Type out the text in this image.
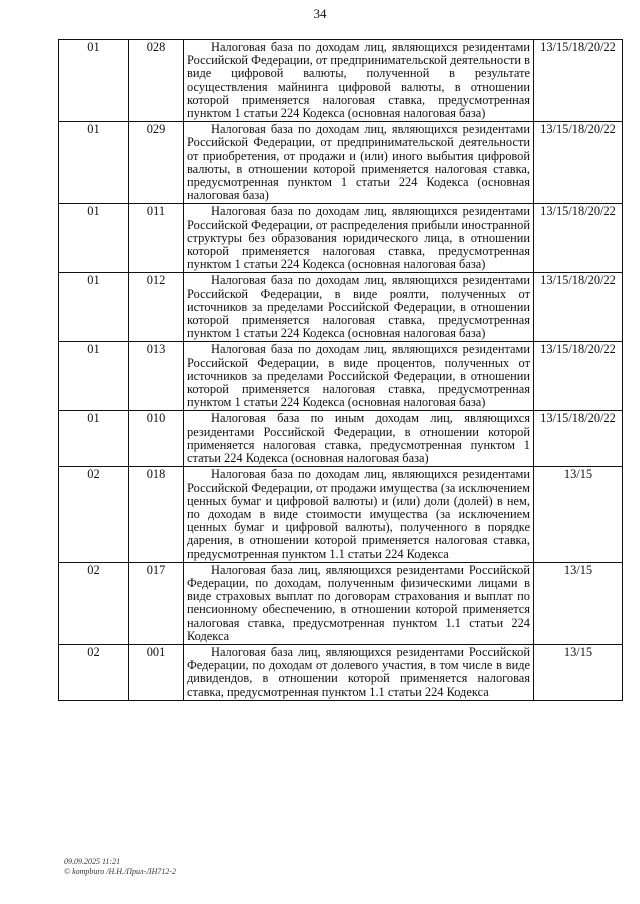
34
01	028	Налоговая база по доходам лиц, являющихся резидентами Российской Федерации, от предпринимательской деятельности в виде цифровой валюты, полученной в результате осуществления майнинга цифровой валюты, в отношении которой применяется налоговая ставка, предусмотренная пунктом 1 статьи 224 Кодекса (основная налоговая база)	13/15/18/20/22
01	029	Налоговая база по доходам лиц, являющихся резидентами Российской Федерации, от предпринимательской деятельности от приобретения, от продажи и (или) иного выбытия цифровой валюты, в отношении которой применяется налоговая ставка, предусмотренная пунктом 1 статьи 224 Кодекса (основная налоговая база)	13/15/18/20/22
01	011	Налоговая база по доходам лиц, являющихся резидентами Российской Федерации, от распределения прибыли иностранной структуры без образования юридического лица, в отношении которой применяется налоговая ставка, предусмотренная пунктом 1 статьи 224 Кодекса (основная налоговая база)	13/15/18/20/22
01	012	Налоговая база по доходам лиц, являющихся резидентами Российской Федерации, в виде роялти, полученных от источников за пределами Российской Федерации, в отношении которой применяется налоговая ставка, предусмотренная пунктом 1 статьи 224 Кодекса (основная налоговая база)	13/15/18/20/22
01	013	Налоговая база по доходам лиц, являющихся резидентами Российской Федерации, в виде процентов, полученных от источников за пределами Российской Федерации, в отношении которой применяется налоговая ставка, предусмотренная пунктом 1 статьи 224 Кодекса (основная налоговая база)	13/15/18/20/22
01	010	Налоговая база по иным доходам лиц, являющихся резидентами Российской Федерации, в отношении которой применяется налоговая ставка, предусмотренная пунктом 1 статьи 224 Кодекса (основная налоговая база)	13/15/18/20/22
02	018	Налоговая база по доходам лиц, являющихся резидентами Российской Федерации, от продажи имущества (за исключением ценных бумаг и цифровой валюты) и (или) доли (долей) в нем, по доходам в виде стоимости имущества (за исключением ценных бумаг и цифровой валюты), полученного в порядке дарения, в отношении которой применяется налоговая ставка, предусмотренная пунктом 1.1 статьи 224 Кодекса	13/15
02	017	Налоговая база лиц, являющихся резидентами Российской Федерации, по доходам, полученным физическими лицами в виде страховых выплат по договорам страхования и выплат по пенсионному обеспечению, в отношении которой применяется налоговая ставка, предусмотренная пунктом 1.1 статьи 224 Кодекса	13/15
02	001	Налоговая база лиц, являющихся резидентами Российской Федерации, по доходам от долевого участия, в том числе в виде дивидендов, в отношении которой применяется налоговая ставка, предусмотренная пунктом 1.1 статьи 224 Кодекса	13/15
09.09.2025 11:21
© kompburo /Н.Н./Прил-ЛН712-2
